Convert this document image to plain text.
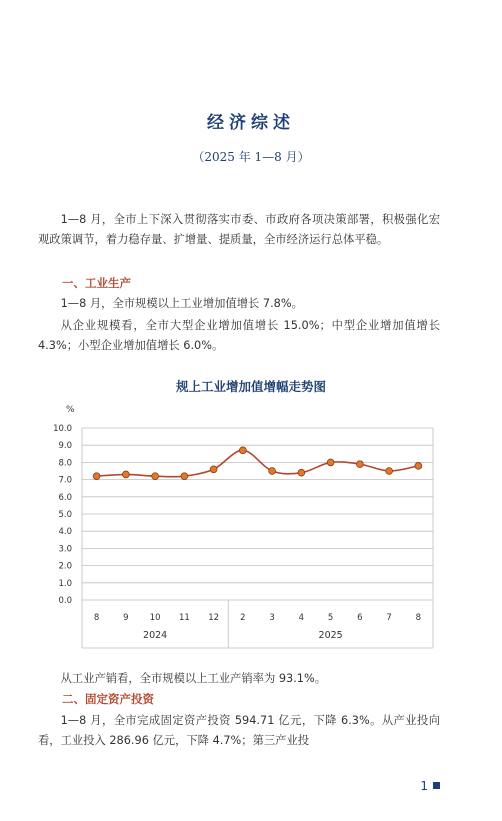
经济综述
（2025 年 1—8 月）
1—8 月，全市上下深入贯彻落实市委、市政府各项决策部署，积极强化宏观政策调节，着力稳存量、扩增量、提质量，全市经济运行总体平稳。
一、工业生产
1—8 月，全市规模以上工业增加值增长 7.8%。
从企业规模看，全市大型企业增加值增长 15.0%；中型企业增加值增长 4.3%；小型企业增加值增长 6.0%。
规上工业增加值增幅走势图
%
0.0
1.0
2.0
3.0
4.0
5.0
6.0
7.0
8.0
9.0
10.0
8	9 10 11 12 2	3	4	5	6	7	8
2024	2025
从工业产销看，全市规模以上工业产销率为 93.1%。
二、固定资产投资
1—8 月，全市完成固定资产投资 594.71 亿元，下降 6.3%。从产业投向看，工业投入 286.96 亿元，下降 4.7%；第三产业投
1
